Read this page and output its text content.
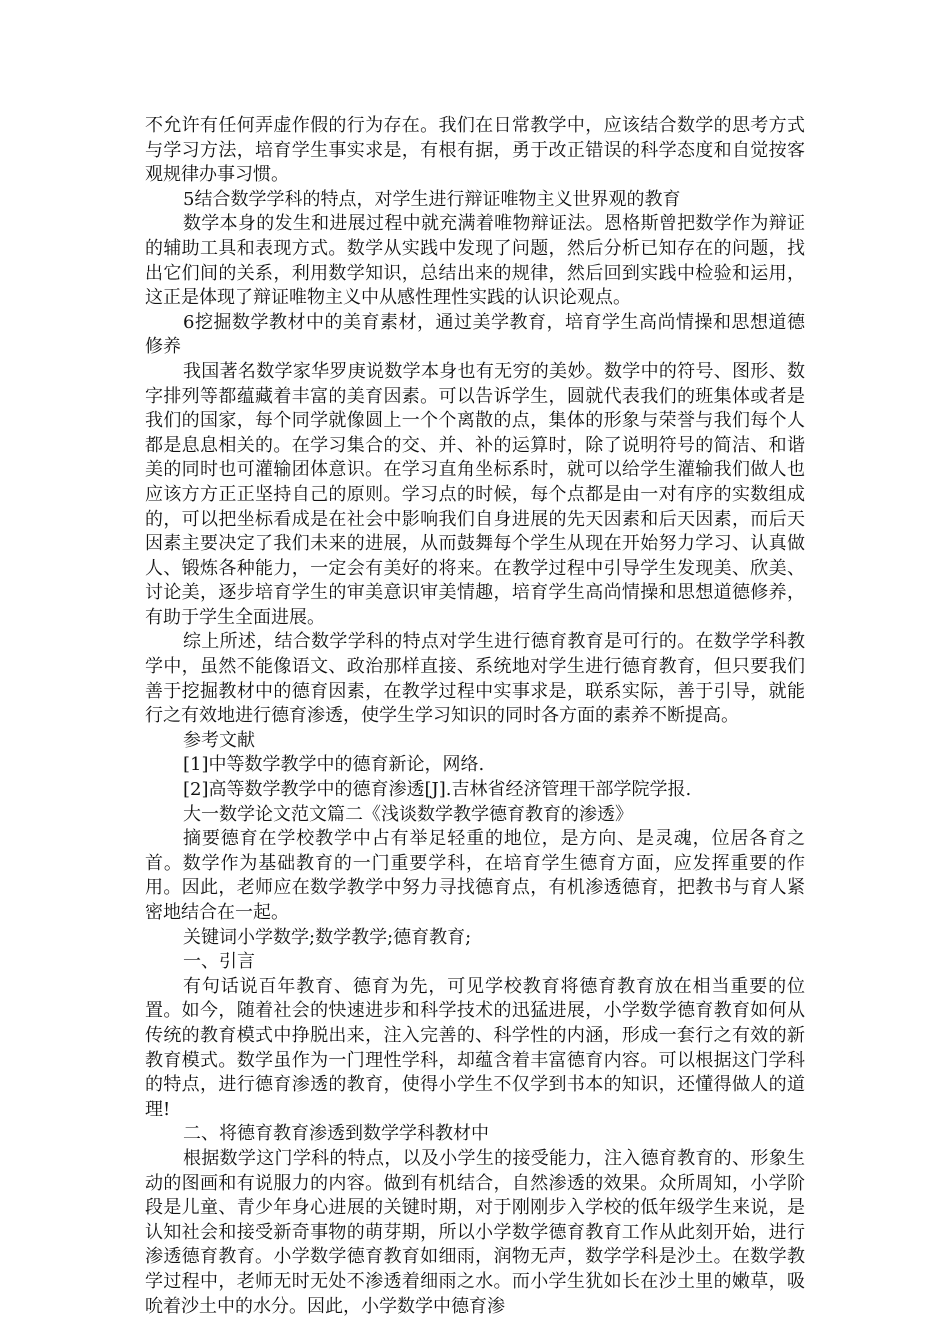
不允许有任何弄虚作假的行为存在。我们在日常教学中，应该结合数学的思考方式与学习方法，培育学生事实求是，有根有据，勇于改正错误的科学态度和自觉按客观规律办事习惯。

5结合数学学科的特点，对学生进行辩证唯物主义世界观的教育

数学本身的发生和进展过程中就充满着唯物辩证法。恩格斯曾把数学作为辩证的辅助工具和表现方式。数学从实践中发现了问题，然后分析已知存在的问题，找出它们间的关系，利用数学知识，总结出来的规律，然后回到实践中检验和运用，这正是体现了辩证唯物主义中从感性理性实践的认识论观点。

6挖掘数学教材中的美育素材，通过美学教育，培育学生高尚情操和思想道德修养

我国著名数学家华罗庚说数学本身也有无穷的美妙。数学中的符号、图形、数字排列等都蕴藏着丰富的美育因素。可以告诉学生，圆就代表我们的班集体或者是我们的国家，每个同学就像圆上一个个离散的点，集体的形象与荣誉与我们每个人都是息息相关的。在学习集合的交、并、补的运算时，除了说明符号的简洁、和谐美的同时也可灌输团体意识。在学习直角坐标系时，就可以给学生灌输我们做人也应该方方正正坚持自己的原则。学习点的时候，每个点都是由一对有序的实数组成的，可以把坐标看成是在社会中影响我们自身进展的先天因素和后天因素，而后天因素主要决定了我们未来的进展，从而鼓舞每个学生从现在开始努力学习、认真做人、锻炼各种能力，一定会有美好的将来。在教学过程中引导学生发现美、欣美、讨论美，逐步培育学生的审美意识审美情趣，培育学生高尚情操和思想道德修养，有助于学生全面进展。

综上所述，结合数学学科的特点对学生进行德育教育是可行的。在数学学科教学中，虽然不能像语文、政治那样直接、系统地对学生进行德育教育，但只要我们善于挖掘教材中的德育因素，在教学过程中实事求是，联系实际，善于引导，就能行之有效地进行德育渗透，使学生学习知识的同时各方面的素养不断提高。

参考文献

[1]中等数学教学中的德育新论，网络.

[2]高等数学教学中的德育渗透[J].吉林省经济管理干部学院学报.

大一数学论文范文篇二《浅谈数学教学德育教育的渗透》

摘要德育在学校教学中占有举足轻重的地位，是方向、是灵魂，位居各育之首。数学作为基础教育的一门重要学科，在培育学生德育方面，应发挥重要的作用。因此，老师应在数学教学中努力寻找德育点，有机渗透德育，把教书与育人紧密地结合在一起。

关键词小学数学;数学教学;德育教育;

一、引言

有句话说百年教育、德育为先，可见学校教育将德育教育放在相当重要的位置。如今，随着社会的快速进步和科学技术的迅猛进展，小学数学德育教育如何从传统的教育模式中挣脱出来，注入完善的、科学性的内涵，形成一套行之有效的新教育模式。数学虽作为一门理性学科，却蕴含着丰富德育内容。可以根据这门学科的特点，进行德育渗透的教育，使得小学生不仅学到书本的知识，还懂得做人的道理!

二、将德育教育渗透到数学学科教材中

根据数学这门学科的特点，以及小学生的接受能力，注入德育教育的、形象生动的图画和有说服力的内容。做到有机结合，自然渗透的效果。众所周知，小学阶段是儿童、青少年身心进展的关键时期，对于刚刚步入学校的低年级学生来说，是认知社会和接受新奇事物的萌芽期，所以小学数学德育教育工作从此刻开始，进行渗透德育教育。小学数学德育教育如细雨，润物无声，数学学科是沙土。在数学教学过程中，老师无时无处不渗透着细雨之水。而小学生犹如长在沙土里的嫩草，吸吮着沙土中的水分。因此，小学数学中德育渗
